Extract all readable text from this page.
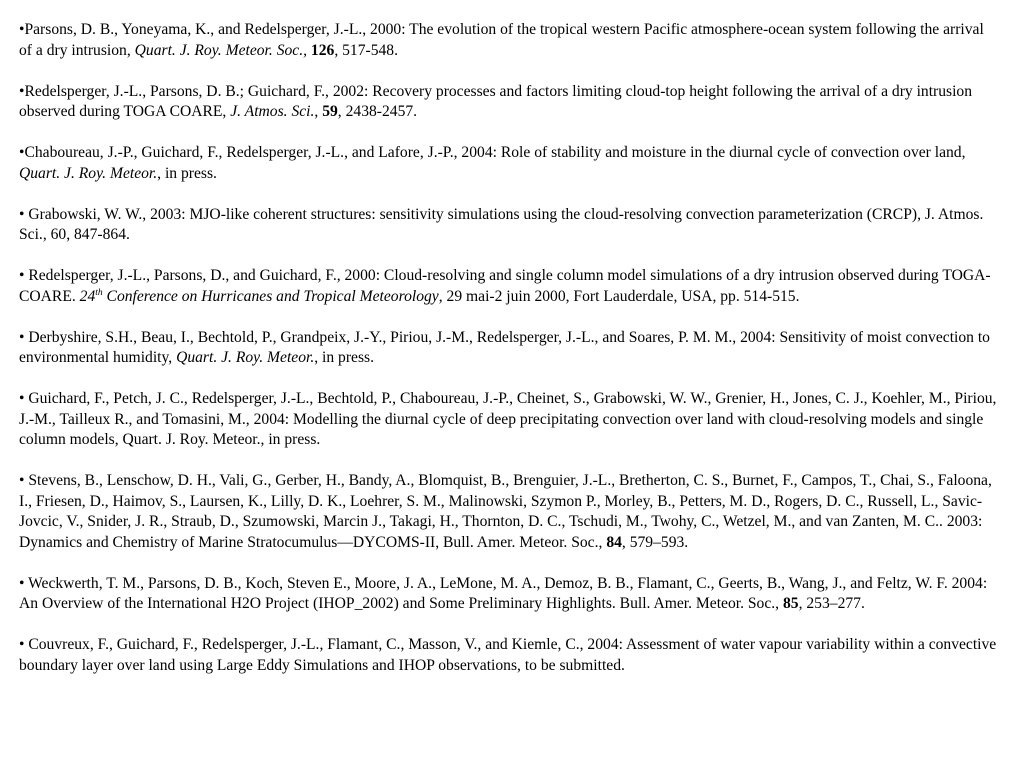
•Parsons, D. B., Yoneyama, K., and Redelsperger, J.-L., 2000: The evolution of the tropical western Pacific atmosphere-ocean system following the arrival of a dry intrusion, Quart. J. Roy. Meteor. Soc., 126, 517-548.

•Redelsperger, J.-L., Parsons, D. B.; Guichard, F., 2002: Recovery processes and factors limiting cloud-top height following the arrival of a dry intrusion observed during TOGA COARE, J. Atmos. Sci., 59, 2438-2457.

•Chaboureau, J.-P., Guichard, F., Redelsperger, J.-L., and Lafore, J.-P., 2004: Role of stability and moisture in the diurnal cycle of convection over land, Quart. J. Roy. Meteor., in press.

• Grabowski, W. W., 2003: MJO-like coherent structures: sensitivity simulations using the cloud-resolving convection parameterization (CRCP), J. Atmos. Sci., 60, 847-864.

• Redelsperger, J.-L., Parsons, D., and Guichard, F., 2000: Cloud-resolving and single column model simulations of a dry intrusion observed during TOGA-COARE. 24th Conference on Hurricanes and Tropical Meteorology, 29 mai-2 juin 2000, Fort Lauderdale, USA, pp. 514-515.

• Derbyshire, S.H., Beau, I., Bechtold, P., Grandpeix, J.-Y., Piriou, J.-M., Redelsperger, J.-L., and Soares, P. M. M., 2004: Sensitivity of moist convection to environmental humidity, Quart. J. Roy. Meteor., in press.

• Guichard, F., Petch, J. C., Redelsperger, J.-L., Bechtold, P., Chaboureau, J.-P., Cheinet, S., Grabowski, W. W., Grenier, H., Jones, C. J., Koehler, M., Piriou, J.-M., Tailleux R., and Tomasini, M., 2004: Modelling the diurnal cycle of deep precipitating convection over land with cloud-resolving models and single column models, Quart. J. Roy. Meteor., in press.

• Stevens, B., Lenschow, D. H., Vali, G., Gerber, H., Bandy, A., Blomquist, B., Brenguier, J.-L., Bretherton, C. S., Burnet, F., Campos, T., Chai, S., Faloona, I., Friesen, D., Haimov, S., Laursen, K., Lilly, D. K., Loehrer, S. M., Malinowski, Szymon P., Morley, B., Petters, M. D., Rogers, D. C., Russell, L., Savic-Jovcic, V., Snider, J. R., Straub, D., Szumowski, Marcin J., Takagi, H., Thornton, D. C., Tschudi, M., Twohy, C., Wetzel, M., and van Zanten, M. C.. 2003: Dynamics and Chemistry of Marine Stratocumulus—DYCOMS-II, Bull. Amer. Meteor. Soc., 84, 579–593.

• Weckwerth, T. M., Parsons, D. B., Koch, Steven E., Moore, J. A., LeMone, M. A., Demoz, B. B., Flamant, C., Geerts, B., Wang, J., and Feltz, W. F. 2004: An Overview of the International H2O Project (IHOP_2002) and Some Preliminary Highlights. Bull. Amer. Meteor. Soc., 85, 253–277.

• Couvreux, F., Guichard, F., Redelsperger, J.-L., Flamant, C., Masson, V., and Kiemle, C., 2004: Assessment of water vapour variability within a convective boundary layer over land using Large Eddy Simulations and IHOP observations, to be submitted.
